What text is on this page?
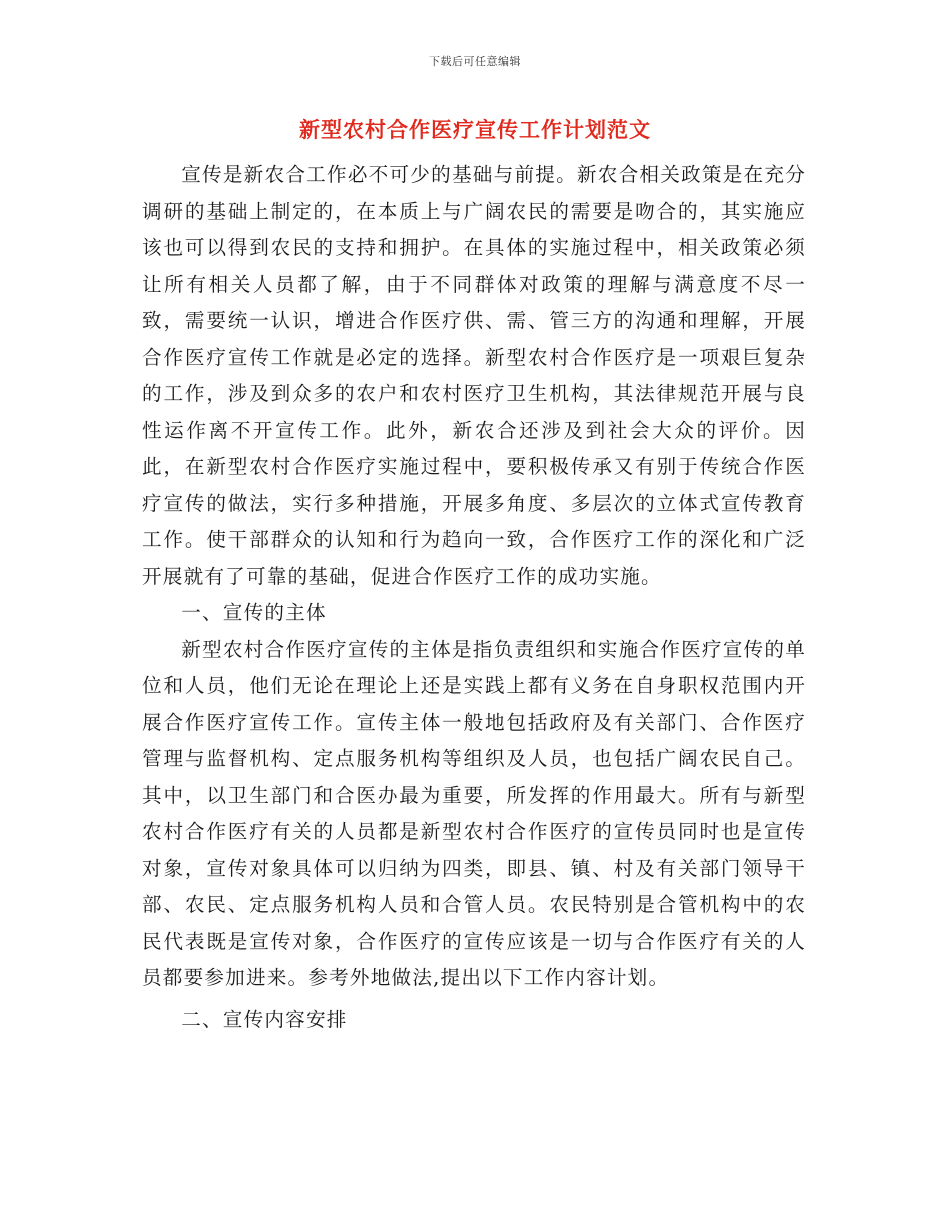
下载后可任意编辑
新型农村合作医疗宣传工作计划范文

宣传是新农合工作必不可少的基础与前提。新农合相关政策是在充分调研的基础上制定的，在本质上与广阔农民的需要是吻合的，其实施应该也可以得到农民的支持和拥护。在具体的实施过程中，相关政策必须让所有相关人员都了解，由于不同群体对政策的理解与满意度不尽一致，需要统一认识，增进合作医疗供、需、管三方的沟通和理解，开展合作医疗宣传工作就是必定的选择。新型农村合作医疗是一项艰巨复杂的工作，涉及到众多的农户和农村医疗卫生机构，其法律规范开展与良性运作离不开宣传工作。此外，新农合还涉及到社会大众的评价。因此，在新型农村合作医疗实施过程中，要积极传承又有别于传统合作医疗宣传的做法，实行多种措施，开展多角度、多层次的立体式宣传教育工作。使干部群众的认知和行为趋向一致，合作医疗工作的深化和广泛开展就有了可靠的基础，促进合作医疗工作的成功实施。

一、宣传的主体

新型农村合作医疗宣传的主体是指负责组织和实施合作医疗宣传的单位和人员，他们无论在理论上还是实践上都有义务在自身职权范围内开展合作医疗宣传工作。宣传主体一般地包括政府及有关部门、合作医疗管理与监督机构、定点服务机构等组织及人员，也包括广阔农民自己。其中，以卫生部门和合医办最为重要，所发挥的作用最大。所有与新型农村合作医疗有关的人员都是新型农村合作医疗的宣传员同时也是宣传对象，宣传对象具体可以归纳为四类，即县、镇、村及有关部门领导干部、农民、定点服务机构人员和合管人员。农民特别是合管机构中的农民代表既是宣传对象，合作医疗的宣传应该是一切与合作医疗有关的人员都要参加进来。参考外地做法,提出以下工作内容计划。

二、宣传内容安排
